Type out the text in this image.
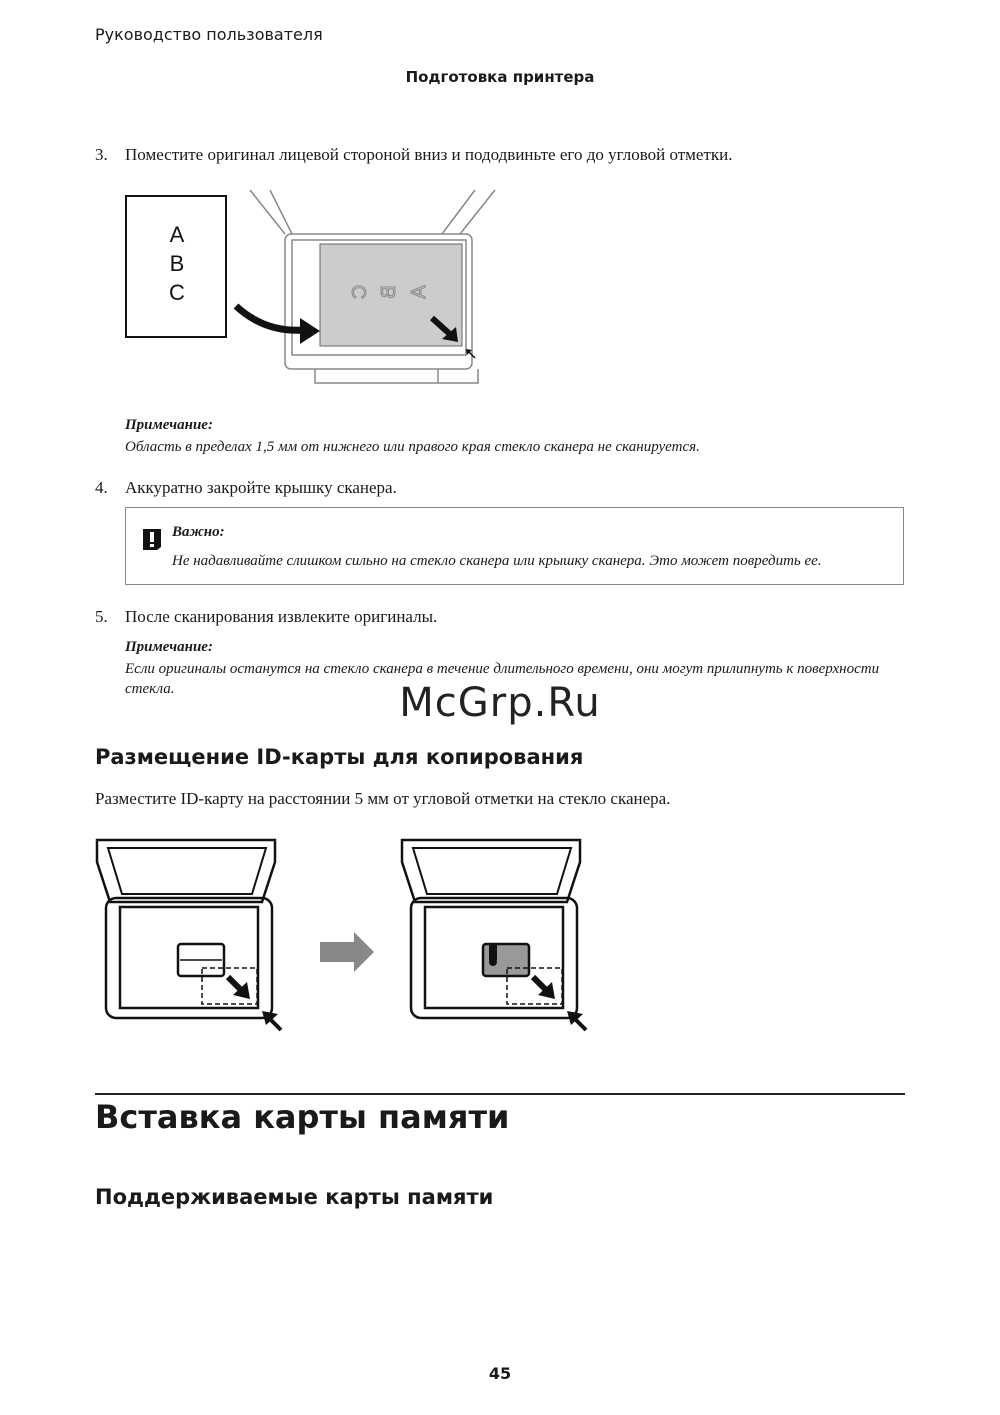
Руководство пользователя
Подготовка принтера
3. Поместите оригинал лицевой стороной вниз и пододвиньте его до угловой отметки.
A
B
C	A
B
C
Примечание:
Область в пределах 1,5 мм от нижнего или правого края стекло сканера не сканируется.
4. Аккуратно закройте крышку сканера.
Важно:
Не надавливайте слишком сильно на стекло сканера или крышку сканера. Это может повредить ее.
5. После сканирования извлеките оригиналы.
Примечание:
Если оригиналы останутся на стекло сканера в течение длительного времени, они могут прилипнуть к поверхности стекла.	McGrp.Ru
Размещение ID-карты для копирования
Разместите ID-карту на расстоянии 5 мм от угловой отметки на стекло сканера.
Вставка карты памяти
Поддерживаемые карты памяти
45
